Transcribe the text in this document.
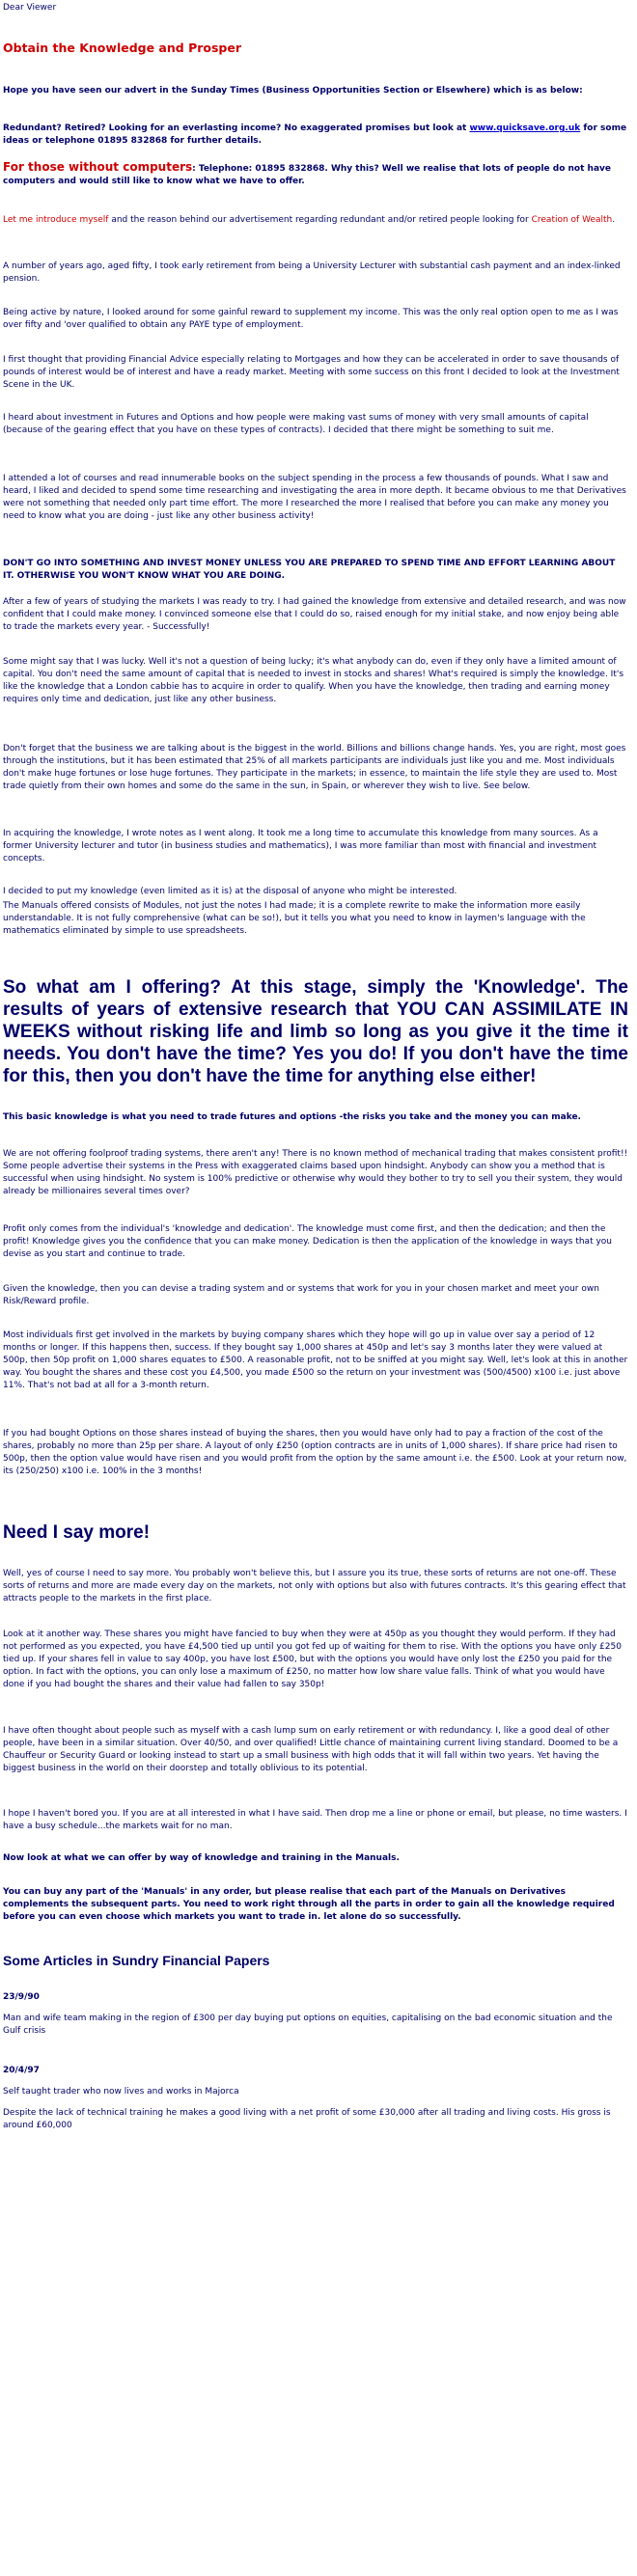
Dear Viewer

Obtain the Knowledge and Prosper

Hope you have seen our advert in the Sunday Times (Business Opportunities Section or Elsewhere) which is as below:

Redundant? Retired? Looking for an everlasting income? No exaggerated promises but look at www.quicksave.org.uk for some ideas or telephone 01895 832868 for further details.

For those without computers: Telephone: 01895 832868. Why this? Well we realise that lots of people do not have computers and would still like to know what we have to offer.

Let me introduce myself and the reason behind our advertisement regarding redundant and/or retired people looking for Creation of Wealth.

A number of years ago, aged fifty, I took early retirement from being a University Lecturer with substantial cash payment and an index-linked pension.

Being active by nature, I looked around for some gainful reward to supplement my income. This was the only real option open to me as I was over fifty and 'over qualified to obtain any PAYE type of employment.

I first thought that providing Financial Advice especially relating to Mortgages and how they can be accelerated in order to save thousands of pounds of interest would be of interest and have a ready market. Meeting with some success on this front I decided to look at the Investment Scene in the UK.

I heard about investment in Futures and Options and how people were making vast sums of money with very small amounts of capital (because of the gearing effect that you have on these types of contracts). I decided that there might be something to suit me.

I attended a lot of courses and read innumerable books on the subject spending in the process a few thousands of pounds. What I saw and heard, I liked and decided to spend some time researching and investigating the area in more depth. It became obvious to me that Derivatives were not something that needed only part time effort. The more I researched the more I realised that before you can make any money you need to know what you are doing - just like any other business activity!

DON'T GO INTO SOMETHING AND INVEST MONEY UNLESS YOU ARE PREPARED TO SPEND TIME AND EFFORT LEARNING ABOUT IT. OTHERWISE YOU WON'T KNOW WHAT YOU ARE DOING.

After a few of years of studying the markets I was ready to try. I had gained the knowledge from extensive and detailed research, and was now confident that I could make money. I convinced someone else that I could do so, raised enough for my initial stake, and now enjoy being able to trade the markets every year. - Successfully!

Some might say that I was lucky. Well it's not a question of being lucky; it's what anybody can do, even if they only have a limited amount of capital. You don't need the same amount of capital that is needed to invest in stocks and shares! What's required is simply the knowledge. It's like the knowledge that a London cabbie has to acquire in order to qualify. When you have the knowledge, then trading and earning money requires only time and dedication, just like any other business.

Don't forget that the business we are talking about is the biggest in the world. Billions and billions change hands. Yes, you are right, most goes through the institutions, but it has been estimated that 25% of all markets participants are individuals just like you and me. Most individuals don't make huge fortunes or lose huge fortunes. They participate in the markets; in essence, to maintain the life style they are used to. Most trade quietly from their own homes and some do the same in the sun, in Spain, or wherever they wish to live. See below.

In acquiring the knowledge, I wrote notes as I went along. It took me a long time to accumulate this knowledge from many sources. As a former University lecturer and tutor (in business studies and mathematics), I was more familiar than most with financial and investment concepts.

I decided to put my knowledge (even limited as it is) at the disposal of anyone who might be interested.

The Manuals offered consists of Modules, not just the notes I had made; it is a complete rewrite to make the information more easily understandable. It is not fully comprehensive (what can be so!), but it tells you what you need to know in laymen's language with the mathematics eliminated by simple to use spreadsheets.

So what am I offering? At this stage, simply the 'Knowledge'. The results of years of extensive research that YOU CAN ASSIMILATE IN WEEKS without risking life and limb so long as you give it the time it needs. You don't have the time? Yes you do! If you don't have the time for this, then you don't have the time for anything else either!

This basic knowledge is what you need to trade futures and options -the risks you take and the money you can make.

We are not offering foolproof trading systems, there aren't any! There is no known method of mechanical trading that makes consistent profit!! Some people advertise their systems in the Press with exaggerated claims based upon hindsight. Anybody can show you a method that is successful when using hindsight. No system is 100% predictive or otherwise why would they bother to try to sell you their system, they would already be millionaires several times over?

Profit only comes from the individual's 'knowledge and dedication'. The knowledge must come first, and then the dedication; and then the profit! Knowledge gives you the confidence that you can make money. Dedication is then the application of the knowledge in ways that you devise as you start and continue to trade.

Given the knowledge, then you can devise a trading system and or systems that work for you in your chosen market and meet your own Risk/Reward profile.

Most individuals first get involved in the markets by buying company shares which they hope will go up in value over say a period of 12 months or longer. If this happens then, success. If they bought say 1,000 shares at 450p and let's say 3 months later they were valued at 500p, then 50p profit on 1,000 shares equates to £500. A reasonable profit, not to be sniffed at you might say. Well, let's look at this in another way. You bought the shares and these cost you £4,500, you made £500 so the return on your investment was (500/4500) x100 i.e. just above 11%. That's not bad at all for a 3-month return.

If you had bought Options on those shares instead of buying the shares, then you would have only had to pay a fraction of the cost of the shares, probably no more than 25p per share. A layout of only £250 (option contracts are in units of 1,000 shares). If share price had risen to 500p, then the option value would have risen and you would profit from the option by the same amount i.e. the £500. Look at your return now, its (250/250) x100 i.e. 100% in the 3 months!

Need I say more!

Well, yes of course I need to say more. You probably won't believe this, but I assure you its true, these sorts of returns are not one-off. These sorts of returns and more are made every day on the markets, not only with options but also with futures contracts. It's this gearing effect that attracts people to the markets in the first place.

Look at it another way. These shares you might have fancied to buy when they were at 450p as you thought they would perform. If they had not performed as you expected, you have £4,500 tied up until you got fed up of waiting for them to rise. With the options you have only £250 tied up. If your shares fell in value to say 400p, you have lost £500, but with the options you would have only lost the £250 you paid for the option. In fact with the options, you can only lose a maximum of £250, no matter how low share value falls. Think of what you would have done if you had bought the shares and their value had fallen to say 350p!

I have often thought about people such as myself with a cash lump sum on early retirement or with redundancy. I, like a good deal of other people, have been in a similar situation. Over 40/50, and over qualified! Little chance of maintaining current living standard. Doomed to be a Chauffeur or Security Guard or looking instead to start up a small business with high odds that it will fall within two years. Yet having the biggest business in the world on their doorstep and totally oblivious to its potential.

I hope I haven't bored you. If you are at all interested in what I have said. Then drop me a line or phone or email, but please, no time wasters. I have a busy schedule...the markets wait for no man.

Now look at what we can offer by way of knowledge and training in the Manuals.

You can buy any part of the 'Manuals' in any order, but please realise that each part of the Manuals on Derivatives complements the subsequent parts. You need to work right through all the parts in order to gain all the knowledge required before you can even choose which markets you want to trade in. let alone do so successfully.

Some Articles in Sundry Financial Papers

23/9/90

Man and wife team making in the region of £300 per day buying put options on equities, capitalising on the bad economic situation and the Gulf crisis

20/4/97

Self taught trader who now lives and works in Majorca

Despite the lack of technical training he makes a good living with a net profit of some £30,000 after all trading and living costs. His gross is around £60,000
